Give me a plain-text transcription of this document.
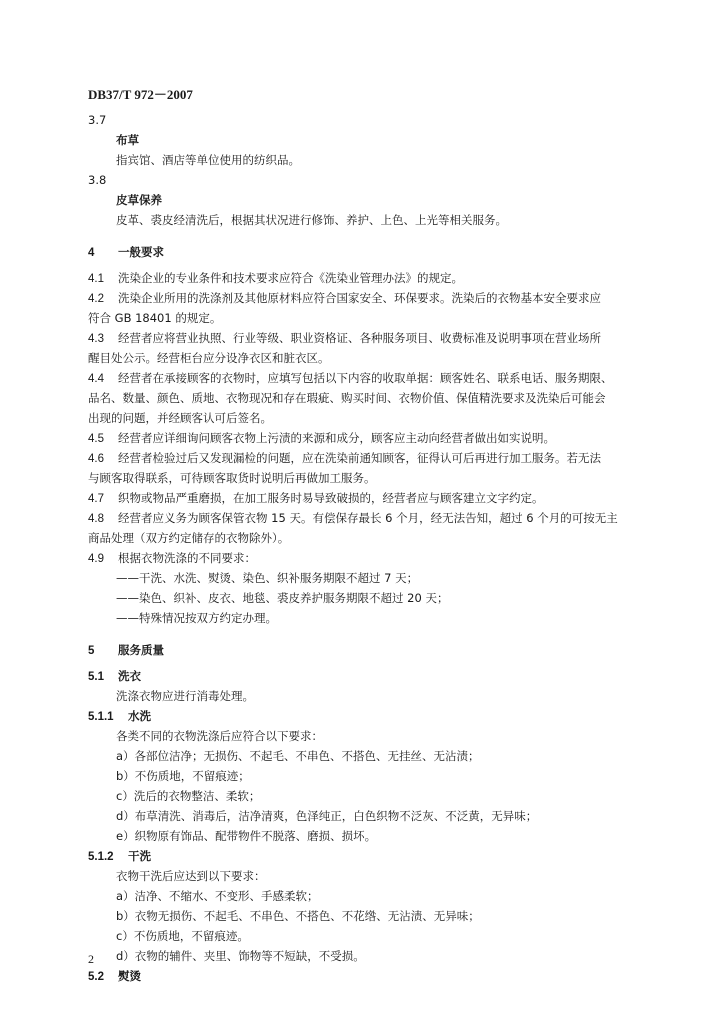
DB37/T 972－2007
3.7
布草
指宾馆、酒店等单位使用的纺织品。
3.8
皮草保养
皮革、裘皮经清洗后，根据其状况进行修饰、养护、上色、上光等相关服务。
4 一般要求
4.1 洗染企业的专业条件和技术要求应符合《洗染业管理办法》的规定。
4.2 洗染企业所用的洗涤剂及其他原材料应符合国家安全、环保要求。洗染后的衣物基本安全要求应
符合 GB 18401 的规定。
4.3 经营者应将营业执照、行业等级、职业资格证、各种服务项目、收费标准及说明事项在营业场所
醒目处公示。经营柜台应分设净衣区和脏衣区。
4.4 经营者在承接顾客的衣物时，应填写包括以下内容的收取单据：顾客姓名、联系电话、服务期限、
品名、数量、颜色、质地、衣物现况和存在瑕疵、购买时间、衣物价值、保值精洗要求及洗染后可能会
出现的问题，并经顾客认可后签名。
4.5 经营者应详细询问顾客衣物上污渍的来源和成分，顾客应主动向经营者做出如实说明。
4.6 经营者检验过后又发现漏检的问题，应在洗染前通知顾客，征得认可后再进行加工服务。若无法
与顾客取得联系，可待顾客取货时说明后再做加工服务。
4.7 织物或物品严重磨损，在加工服务时易导致破损的，经营者应与顾客建立文字约定。
4.8 经营者应义务为顾客保管衣物 15 天。有偿保存最长 6 个月，经无法告知，超过 6 个月的可按无主
商品处理（双方约定储存的衣物除外）。
4.9 根据衣物洗涤的不同要求：
——干洗、水洗、熨烫、染色、织补服务期限不超过 7 天；
——染色、织补、皮衣、地毯、裘皮养护服务期限不超过 20 天；
——特殊情况按双方约定办理。
5 服务质量
5.1 洗衣
洗涤衣物应进行消毒处理。
5.1.1 水洗
各类不同的衣物洗涤后应符合以下要求：
a）各部位洁净；无损伤、不起毛、不串色、不搭色、无挂丝、无沾渍；
b）不伤质地，不留痕迹；
c）洗后的衣物整洁、柔软；
d）布草清洗、消毒后，洁净清爽，色泽纯正，白色织物不泛灰、不泛黄，无异味；
e）织物原有饰品、配带物件不脱落、磨损、损坏。
5.1.2 干洗
衣物干洗后应达到以下要求：
a）洁净、不缩水、不变形、手感柔软；
b）衣物无损伤、不起毛、不串色、不搭色、不花绺、无沾渍、无异味；
c）不伤质地，不留痕迹。
d）衣物的辅件、夹里、饰物等不短缺，不受损。
5.2 熨烫
2
